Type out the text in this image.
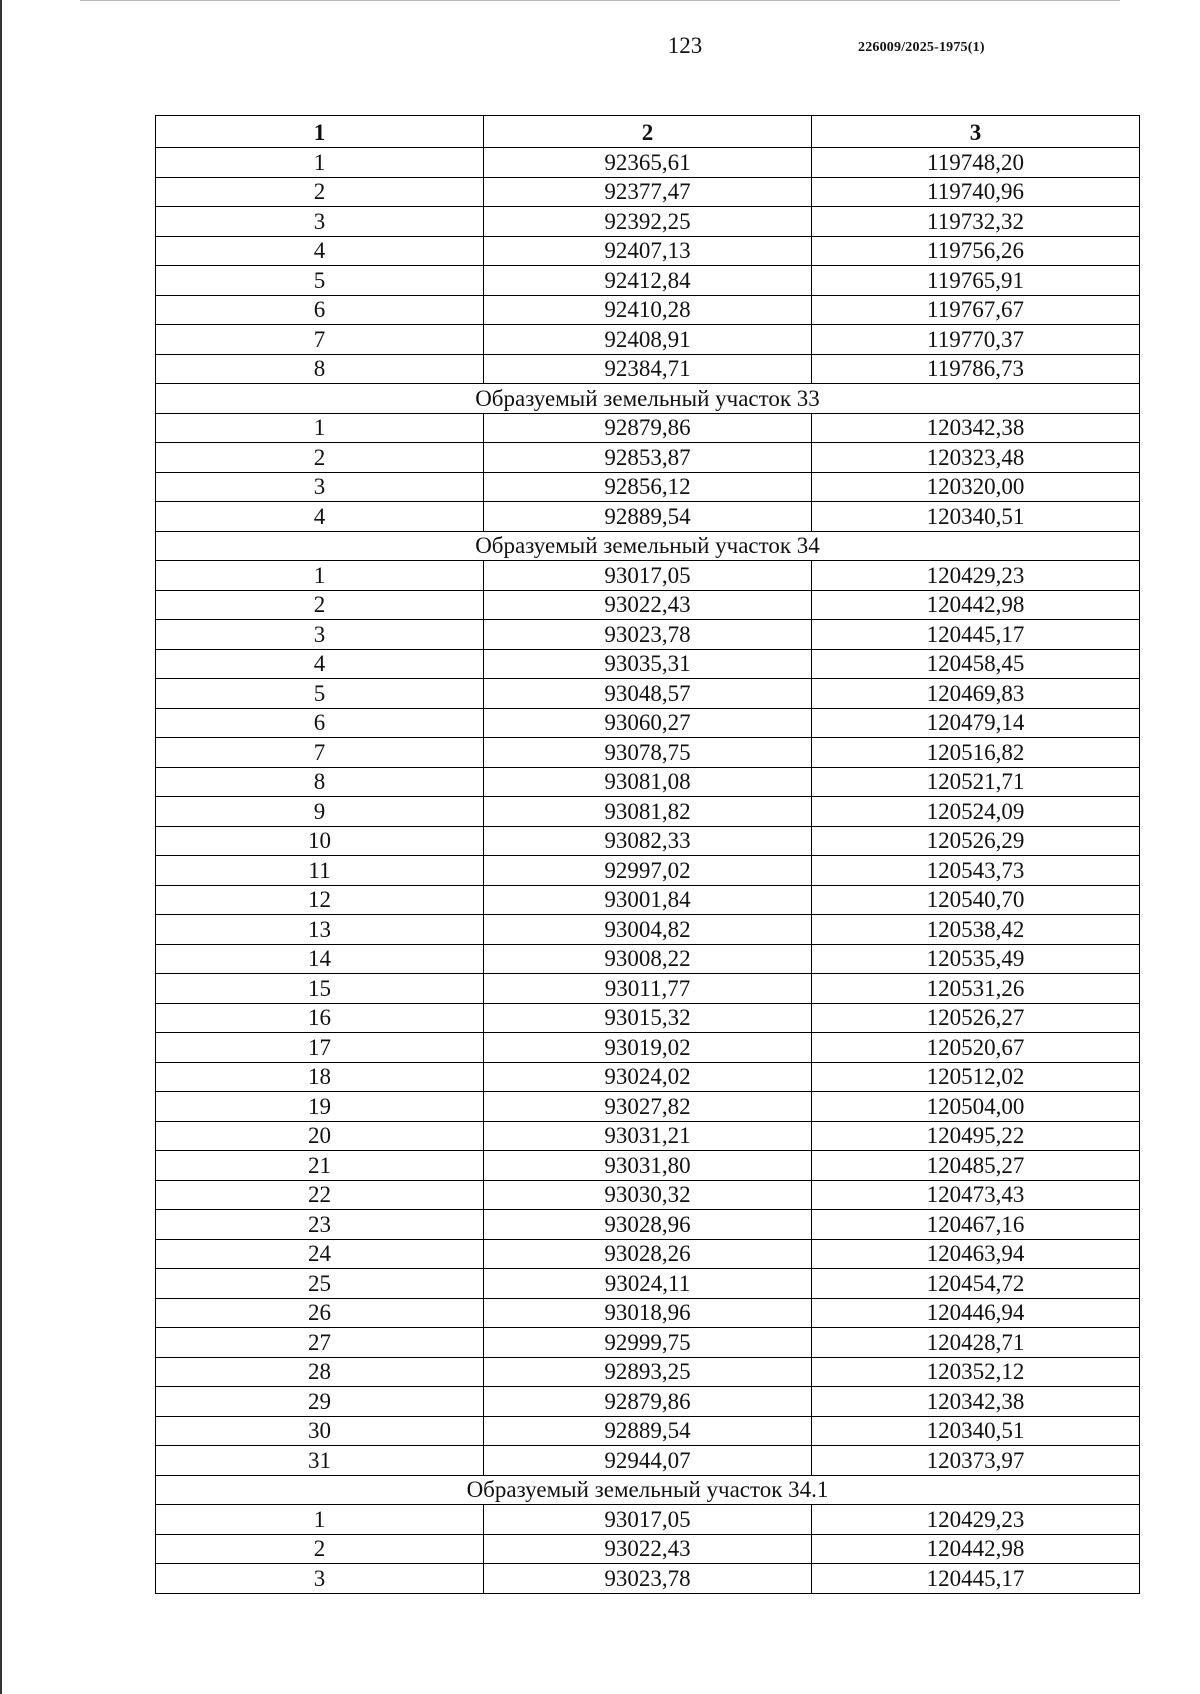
123	226009/2025-1975(1)
1	2	3
1	92365,61	119748,20
2	92377,47	119740,96
3	92392,25	119732,32
4	92407,13	119756,26
5	92412,84	119765,91
6	92410,28	119767,67
7	92408,91	119770,37
8	92384,71	119786,73
Образуемый земельный участок 33		
1	92879,86	120342,38
2	92853,87	120323,48
3	92856,12	120320,00
4	92889,54	120340,51
Образуемый земельный участок 34		
1	93017,05	120429,23
2	93022,43	120442,98
3	93023,78	120445,17
4	93035,31	120458,45
5	93048,57	120469,83
6	93060,27	120479,14
7	93078,75	120516,82
8	93081,08	120521,71
9	93081,82	120524,09
10	93082,33	120526,29
11	92997,02	120543,73
12	93001,84	120540,70
13	93004,82	120538,42
14	93008,22	120535,49
15	93011,77	120531,26
16	93015,32	120526,27
17	93019,02	120520,67
18	93024,02	120512,02
19	93027,82	120504,00
20	93031,21	120495,22
21	93031,80	120485,27
22	93030,32	120473,43
23	93028,96	120467,16
24	93028,26	120463,94
25	93024,11	120454,72
26	93018,96	120446,94
27	92999,75	120428,71
28	92893,25	120352,12
29	92879,86	120342,38
30	92889,54	120340,51
31	92944,07	120373,97
Образуемый земельный участок 34.1		
1	93017,05	120429,23
2	93022,43	120442,98
3	93023,78	120445,17
